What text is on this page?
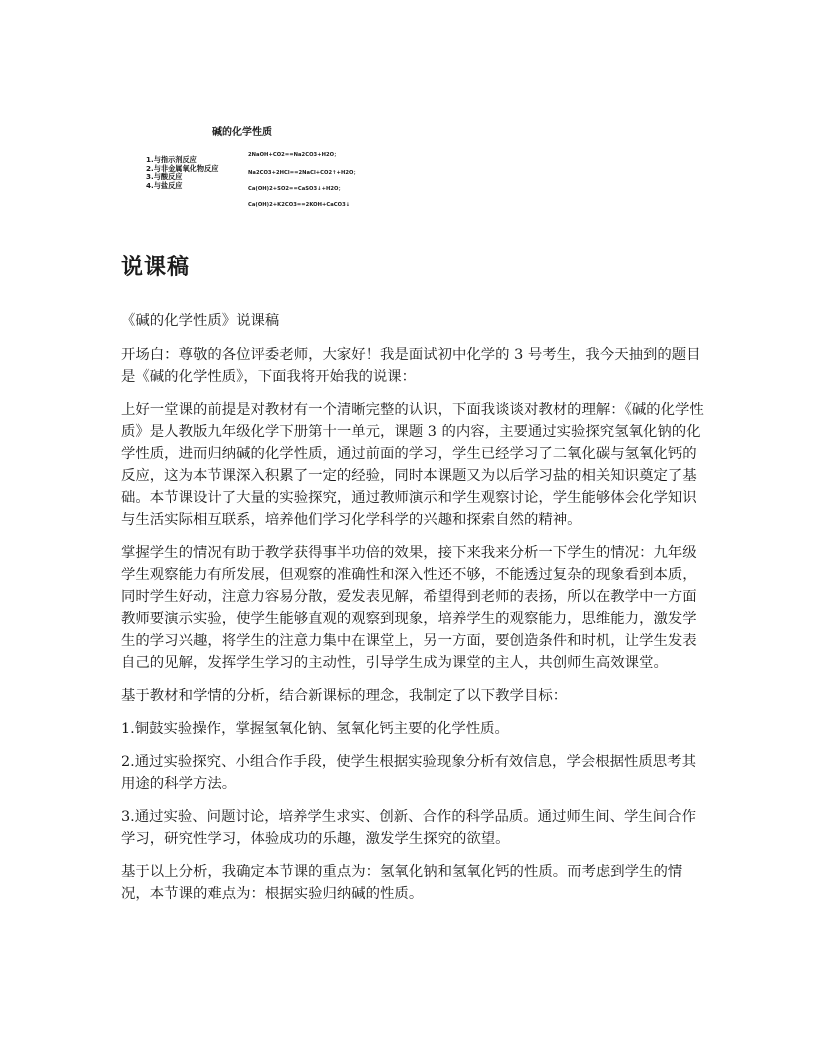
碱的化学性质
1.与指示剂反应
2.与非金属氧化物反应
3.与酸反应
4.与盐反应
2NaOH+CO2==Na2CO3+H2O；
Na2CO3+2HCl==2NaCl+CO2↑+H2O；
Ca(OH)2+SO2==CaSO3↓+H2O；
Ca(OH)2+K2CO3==2KOH+CaCO3↓
说课稿

《碱的化学性质》说课稿

开场白：尊敬的各位评委老师，大家好！我是面试初中化学的 3 号考生，我今天抽到的题目是《碱的化学性质》，下面我将开始我的说课：

上好一堂课的前提是对教材有一个清晰完整的认识，下面我谈谈对教材的理解：《碱的化学性质》是人教版九年级化学下册第十一单元，课题 3 的内容，主要通过实验探究氢氧化钠的化学性质，进而归纳碱的化学性质，通过前面的学习，学生已经学习了二氧化碳与氢氧化钙的反应，这为本节课深入积累了一定的经验，同时本课题又为以后学习盐的相关知识奠定了基础。本节课设计了大量的实验探究，通过教师演示和学生观察讨论，学生能够体会化学知识与生活实际相互联系，培养他们学习化学科学的兴趣和探索自然的精神。

掌握学生的情况有助于教学获得事半功倍的效果，接下来我来分析一下学生的情况：九年级学生观察能力有所发展，但观察的准确性和深入性还不够，不能透过复杂的现象看到本质，同时学生好动，注意力容易分散，爱发表见解，希望得到老师的表扬，所以在教学中一方面教师要演示实验，使学生能够直观的观察到现象，培养学生的观察能力，思维能力，激发学生的学习兴趣，将学生的注意力集中在课堂上，另一方面，要创造条件和时机，让学生发表自己的见解，发挥学生学习的主动性，引导学生成为课堂的主人，共创师生高效课堂。

基于教材和学情的分析，结合新课标的理念，我制定了以下教学目标：

1.铜鼓实验操作，掌握氢氧化钠、氢氧化钙主要的化学性质。

2.通过实验探究、小组合作手段，使学生根据实验现象分析有效信息，学会根据性质思考其用途的科学方法。

3.通过实验、问题讨论，培养学生求实、创新、合作的科学品质。通过师生间、学生间合作学习，研究性学习，体验成功的乐趣，激发学生探究的欲望。

基于以上分析，我确定本节课的重点为：氢氧化钠和氢氧化钙的性质。而考虑到学生的情况，本节课的难点为：根据实验归纳碱的性质。
